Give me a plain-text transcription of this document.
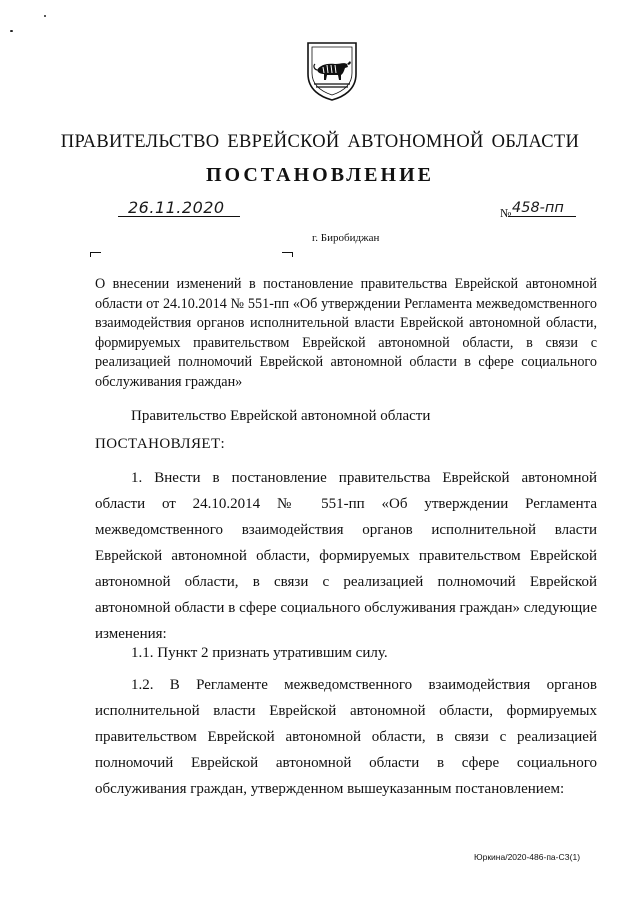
ПРАВИТЕЛЬСТВО ЕВРЕЙСКОЙ АВТОНОМНОЙ ОБЛАСТИ
ПОСТАНОВЛЕНИЕ
26.11.2020	№ 458-пп
г. Биробиджан
О внесении изменений в постановление правительства Еврейской автономной области от 24.10.2014 № 551-пп «Об утверждении Регламента межведомственного взаимодействия органов исполнительной власти Еврейской автономной области, формируемых правительством Еврейской автономной области, в связи с реализацией полномочий Еврейской автономной области в сфере социального обслуживания граждан»
Правительство Еврейской автономной области
ПОСТАНОВЛЯЕТ:
1. Внести в постановление правительства Еврейской автономной области от 24.10.2014 № 551-пп «Об утверждении Регламента межведомственного взаимодействия органов исполнительной власти Еврейской автономной области, формируемых правительством Еврейской автономной области, в связи с реализацией полномочий Еврейской автономной области в сфере социального обслуживания граждан» следующие изменения:
1.1. Пункт 2 признать утратившим силу.
1.2. В Регламенте межведомственного взаимодействия органов исполнительной власти Еврейской автономной области, формируемых правительством Еврейской автономной области, в связи с реализацией полномочий Еврейской автономной области в сфере социального обслуживания граждан, утвержденном вышеуказанным постановлением:
Юркина/2020-486-па-СЗ(1)
